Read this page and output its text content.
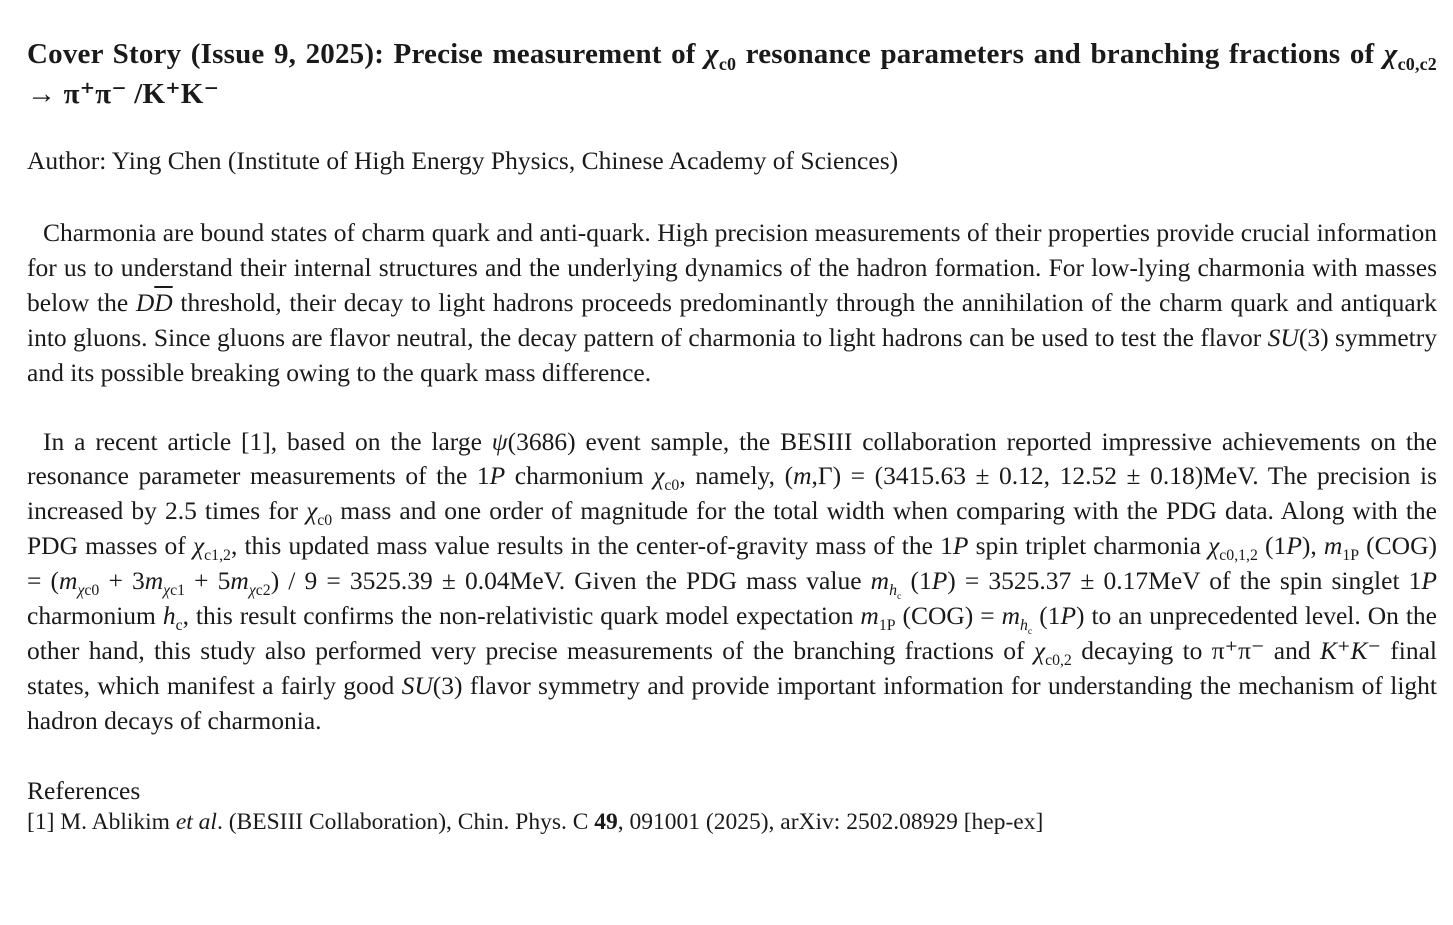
Cover Story (Issue 9, 2025): Precise measurement of $\chi_{c0}$ resonance parameters and branching fractions of $\chi_{c0,c2} \to \pi^+\pi^-$ /K⁺K⁻
Author: Ying Chen (Institute of High Energy Physics, Chinese Academy of Sciences)

Charmonia are bound states of charm quark and anti-quark. High precision measurements of their properties provide crucial information for us to understand their internal structures and the underlying dynamics of the hadron formation. For low-lying charmonia with masses below the $D\overline{D}$ threshold, their decay to light hadrons proceeds predominantly through the annihilation of the charm quark and antiquark into gluons. Since gluons are flavor neutral, the decay pattern of charmonia to light hadrons can be used to test the flavor SU(3) symmetry and its possible breaking owing to the quark mass difference.

In a recent article [1], based on the large ψ(3686) event sample, the BESIII collaboration reported impressive achievements on the resonance parameter measurements of the 1P charmonium $\chi_{c0}$, namely, (m,Γ) = (3415.63 ± 0.12, 12.52 ± 0.18)MeV. The precision is increased by 2.5 times for $\chi_{c0}$ mass and one order of magnitude for the total width when comparing with the PDG data. Along with the PDG masses of $\chi_{c1,2}$, this updated mass value results in the center-of-gravity mass of the 1P spin triplet charmonia $\chi_{c0,1,2}$ (1P), $m_{1P}$ $(COG) = (m_{\chi c0} + 3m_{\chi c1} + 5m_{\chi c2}) / 9 = 3525.39 \pm 0.04MeV$. Given the PDG mass value $m_{h_c}$ (1P) = 3525.37 ± 0.17MeV of the spin singlet 1P charmonium $h_c$, this result confirms the non-relativistic quark model expectation $m_{1P}$ $(COG) = m_{h_c}$ (1P) to an unprecedented level. On the other hand, this study also performed very precise measurements of the branching fractions of $\chi_{c0,2}$ decaying to π⁺π⁻ and K⁺K⁻ final states, which manifest a fairly good SU(3) flavor symmetry and provide important information for understanding the mechanism of light hadron decays of charmonia.

References
[1] M. Ablikim et al. (BESIII Collaboration), Chin. Phys. C 49, 091001 (2025), arXiv: 2502.08929 [hep-ex]
